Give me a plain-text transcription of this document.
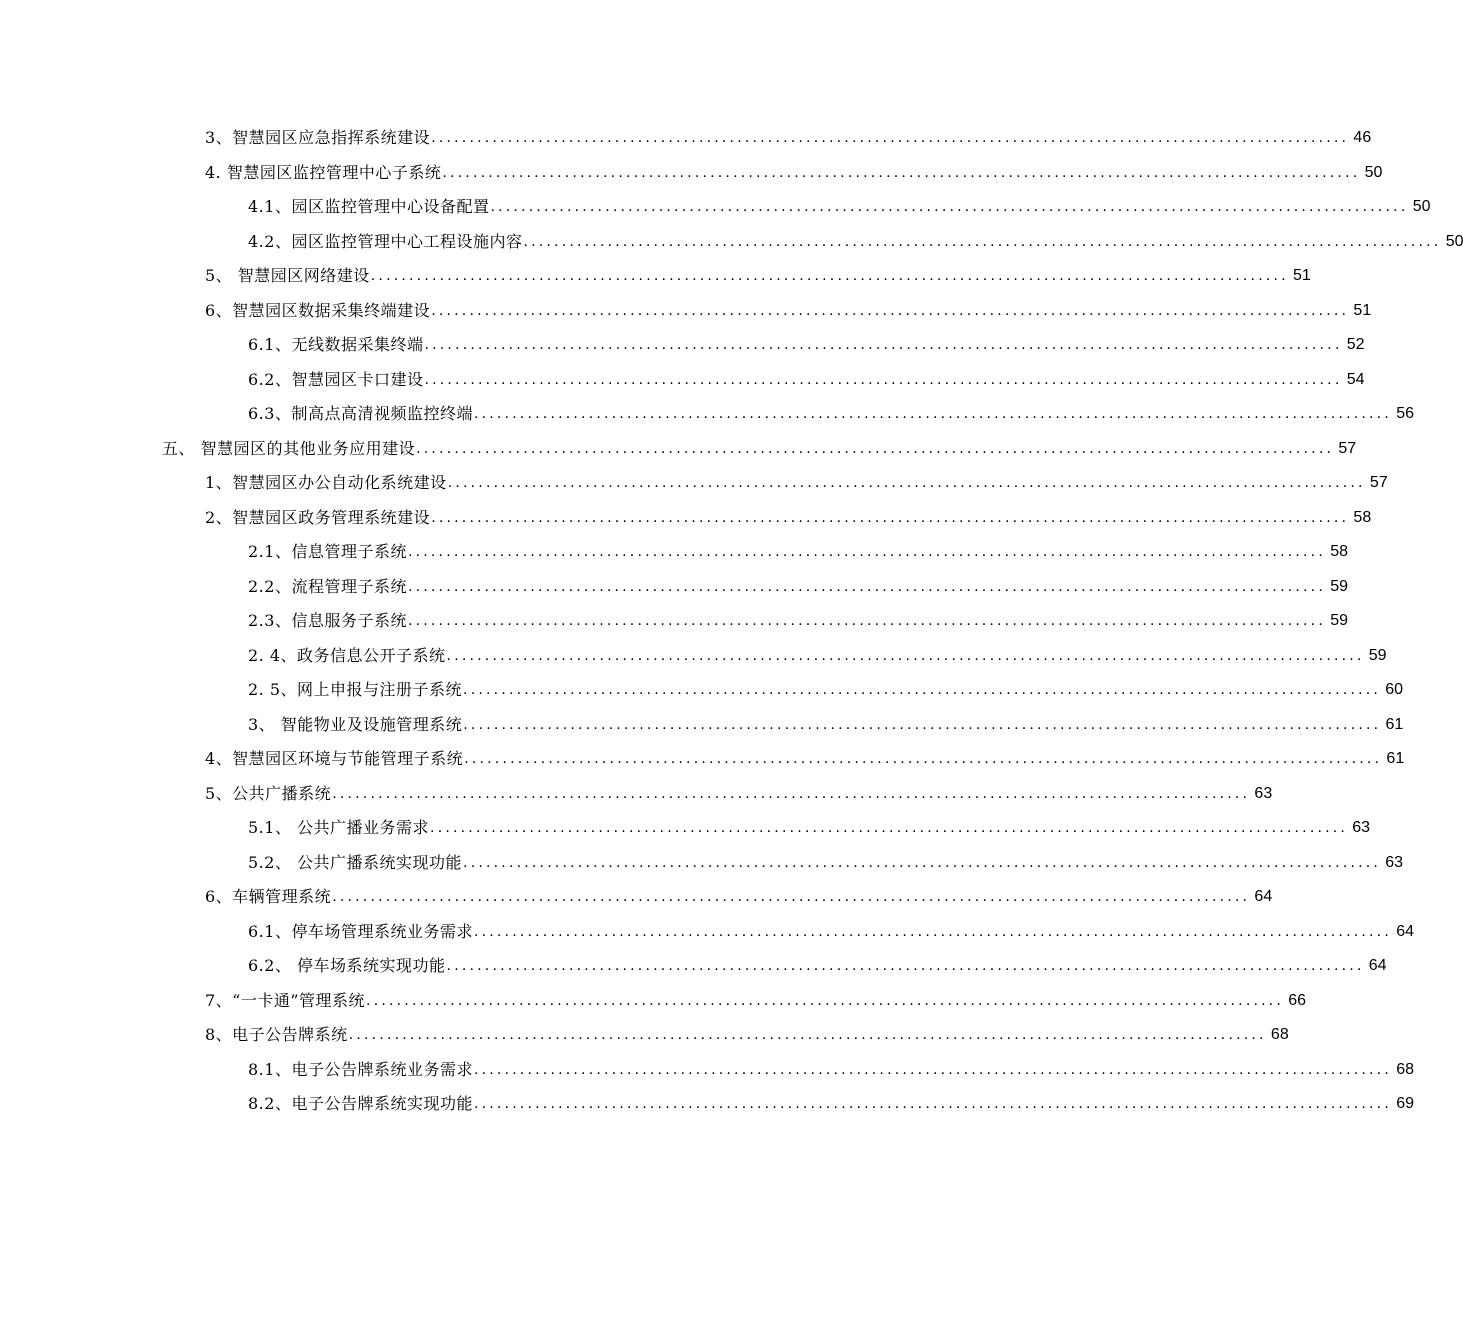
3、智慧园区应急指挥系统建设 ........................................................................................................................ 46
4. 智慧园区监控管理中心子系统 ........................................................................................................................ 50
4.1、园区监控管理中心设备配置 ........................................................................................................................ 50
4.2、园区监控管理中心工程设施内容 ........................................................................................................................ 50
5、 智慧园区网络建设 ........................................................................................................................ 51
6、智慧园区数据采集终端建设 ........................................................................................................................ 51
6.1、无线数据采集终端 ........................................................................................................................ 52
6.2、智慧园区卡口建设 ........................................................................................................................ 54
6.3、制高点高清视频监控终端 ........................................................................................................................ 56
五、 智慧园区的其他业务应用建设 ........................................................................................................................ 57
1、智慧园区办公自动化系统建设 ........................................................................................................................ 57
2、智慧园区政务管理系统建设 ........................................................................................................................ 58
2.1、信息管理子系统 ........................................................................................................................ 58
2.2、流程管理子系统 ........................................................................................................................ 59
2.3、信息服务子系统 ........................................................................................................................ 59
2. 4、政务信息公开子系统 ........................................................................................................................ 59
2. 5、网上申报与注册子系统 ........................................................................................................................ 60
3、 智能物业及设施管理系统 ........................................................................................................................ 61
4、智慧园区环境与节能管理子系统 ........................................................................................................................ 61
5、公共广播系统 ........................................................................................................................ 63
5.1、 公共广播业务需求 ........................................................................................................................ 63
5.2、 公共广播系统实现功能 ........................................................................................................................ 63
6、车辆管理系统 ........................................................................................................................ 64
6.1、停车场管理系统业务需求 ........................................................................................................................ 64
6.2、 停车场系统实现功能 ........................................................................................................................ 64
7、“一卡通”管理系统 ........................................................................................................................ 66
8、电子公告牌系统 ........................................................................................................................ 68
8.1、电子公告牌系统业务需求 ........................................................................................................................ 68
8.2、电子公告牌系统实现功能 ........................................................................................................................ 69
